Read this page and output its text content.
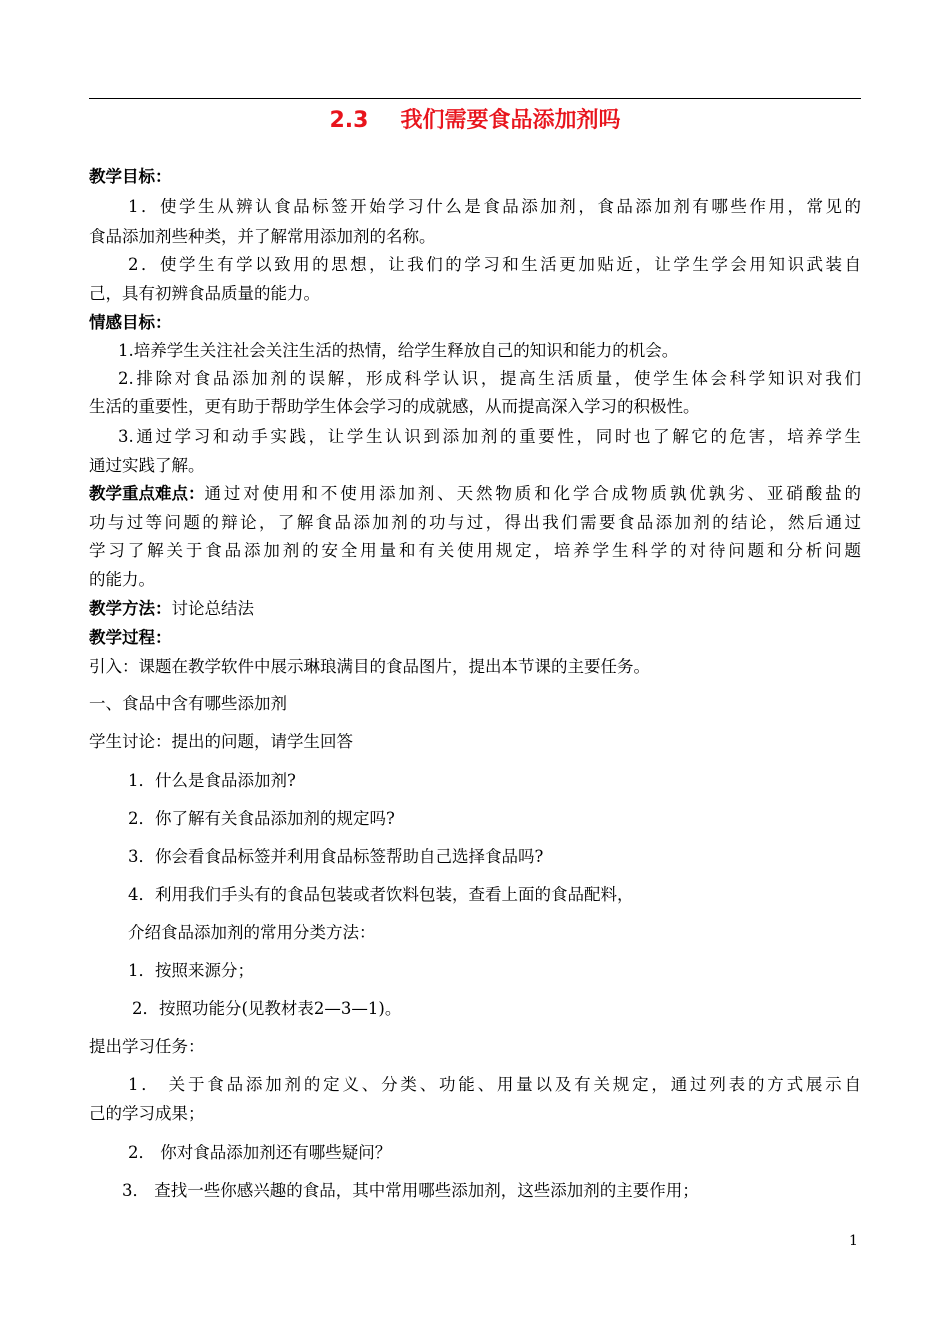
2.3 我们需要食品添加剂吗
教学目标：
1．使学生从辨认食品标签开始学习什么是食品添加剂，食品添加剂有哪些作用，常见的
食品添加剂些种类，并了解常用添加剂的名称。
2．使学生有学以致用的思想，让我们的学习和生活更加贴近，让学生学会用知识武装自
己，具有初辨食品质量的能力。
情感目标：
1.培养学生关注社会关注生活的热情，给学生释放自己的知识和能力的机会。
2.排除对食品添加剂的误解，形成科学认识，提高生活质量，使学生体会科学知识对我们
生活的重要性，更有助于帮助学生体会学习的成就感，从而提高深入学习的积极性。
3.通过学习和动手实践，让学生认识到添加剂的重要性，同时也了解它的危害，培养学生
通过实践了解。
教学重点难点： 通过对使用和不使用添加剂、天然物质和化学合成物质孰优孰劣、亚硝酸盐的
功与过等问题的辩论，了解食品添加剂的功与过，得出我们需要食品添加剂的结论，然后通过
学习了解关于食品添加剂的安全用量和有关使用规定，培养学生科学的对待问题和分析问题
的能力。
教学方法：讨论总结法
教学过程：
引入：课题在教学软件中展示琳琅满目的食品图片，提出本节课的主要任务。
一、食品中含有哪些添加剂
学生讨论：提出的问题，请学生回答
1．什么是食品添加剂?
2．你了解有关食品添加剂的规定吗?
3．你会看食品标签并利用食品标签帮助自己选择食品吗?
4．利用我们手头有的食品包装或者饮料包装，查看上面的食品配料，
介绍食品添加剂的常用分类方法：
1．按照来源分；
2．按照功能分(见教材表2—3—1)。
提出学习任务：
1． 关于食品添加剂的定义、分类、功能、用量以及有关规定，通过列表的方式展示自
己的学习成果；
2． 你对食品添加剂还有哪些疑问？
3． 查找一些你感兴趣的食品，其中常用哪些添加剂，这些添加剂的主要作用；
1
